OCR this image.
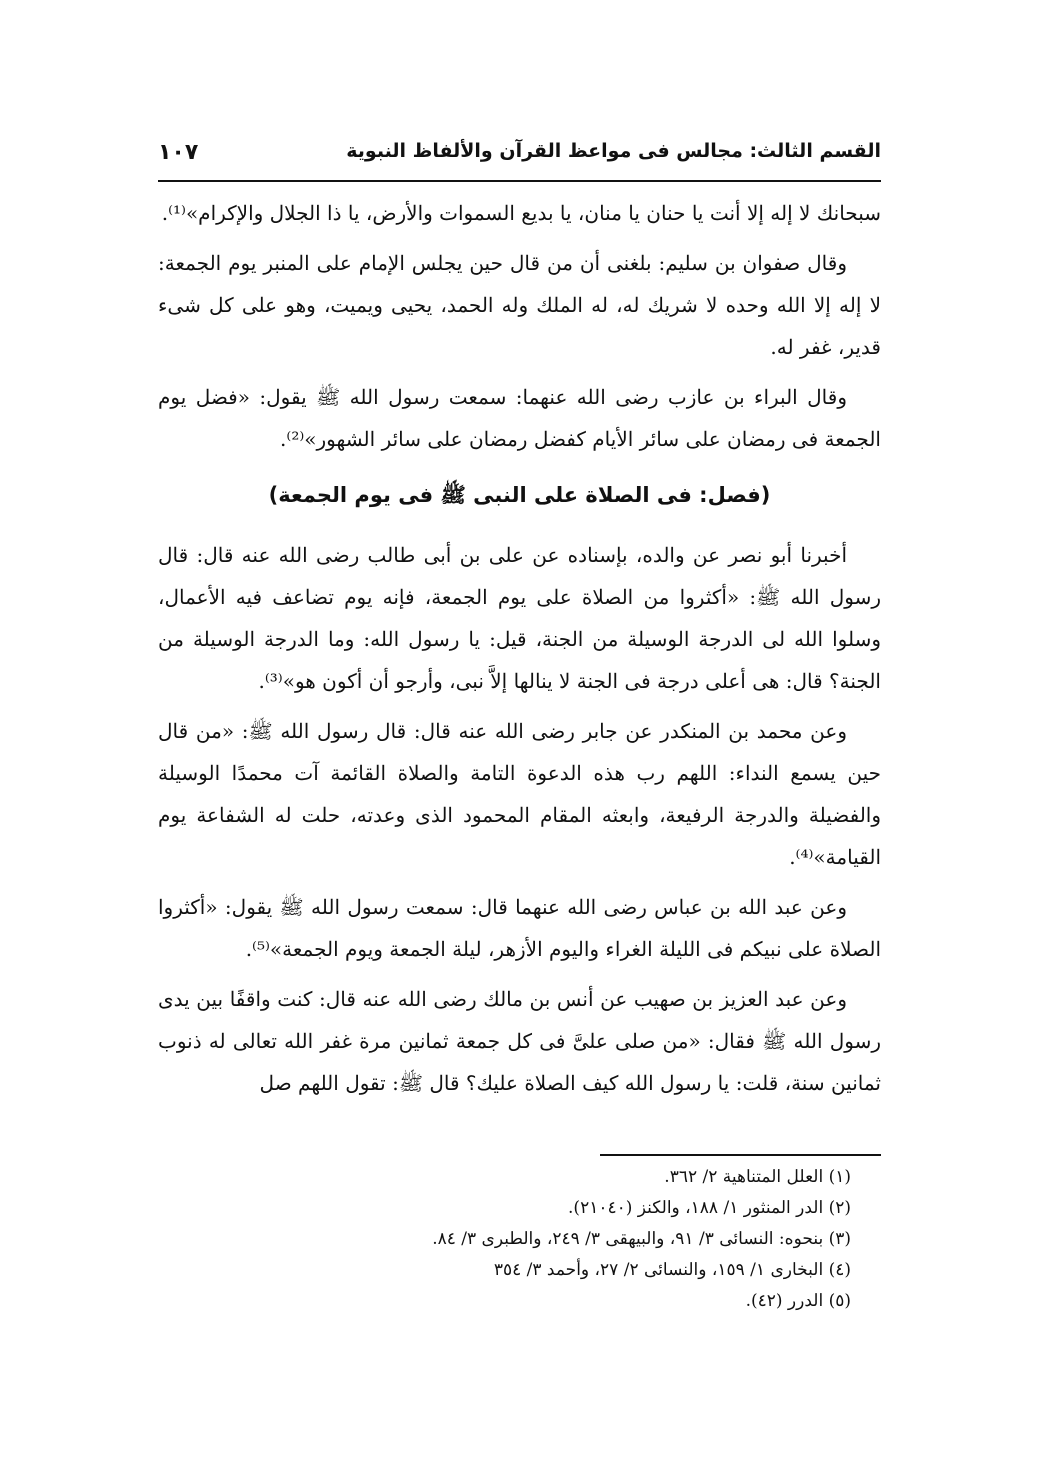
القسم الثالث: مجالس فى مواعظ القرآن والألفاظ النبوية
١٠٧

سبحانك لا إله إلا أنت يا حنان يا منان، يا بديع السموات والأرض، يا ذا الجلال والإكرام»⁽¹⁾.

وقال صفوان بن سليم: بلغنى أن من قال حين يجلس الإمام على المنبر يوم الجمعة: لا إله إلا الله وحده لا شريك له، له الملك وله الحمد، يحيى ويميت، وهو على كل شىء قدير، غفر له.

وقال البراء بن عازب رضى الله عنهما: سمعت رسول الله ﷺ يقول: «فضل يوم الجمعة فى رمضان على سائر الأيام كفضل رمضان على سائر الشهور»⁽²⁾.

(فصل: فى الصلاة على النبى ﷺ فى يوم الجمعة)

أخبرنا أبو نصر عن والده، بإسناده عن على بن أبى طالب رضى الله عنه قال: قال رسول الله ﷺ: «أكثروا من الصلاة على يوم الجمعة، فإنه يوم تضاعف فيه الأعمال، وسلوا الله لى الدرجة الوسيلة من الجنة، قيل: يا رسول الله: وما الدرجة الوسيلة من الجنة؟ قال: هى أعلى درجة فى الجنة لا ينالها إلاَّ نبى، وأرجو أن أكون هو»⁽³⁾.

وعن محمد بن المنكدر عن جابر رضى الله عنه قال: قال رسول الله ﷺ: «من قال حين يسمع النداء: اللهم رب هذه الدعوة التامة والصلاة القائمة آت محمدًا الوسيلة والفضيلة والدرجة الرفيعة، وابعثه المقام المحمود الذى وعدته، حلت له الشفاعة يوم القيامة»⁽⁴⁾.

وعن عبد الله بن عباس رضى الله عنهما قال: سمعت رسول الله ﷺ يقول: «أكثروا الصلاة على نبيكم فى الليلة الغراء واليوم الأزهر، ليلة الجمعة ويوم الجمعة»⁽⁵⁾.

وعن عبد العزيز بن صهيب عن أنس بن مالك رضى الله عنه قال: كنت واقفًا بين يدى رسول الله ﷺ فقال: «من صلى علىَّ فى كل جمعة ثمانين مرة غفر الله تعالى له ذنوب ثمانين سنة، قلت: يا رسول الله كيف الصلاة عليك؟ قال ﷺ: تقول اللهم صل

(١) العلل المتناهية ٢/ ٣٦٢.
(٢) الدر المنثور ١/ ١٨٨، والكنز (٢١٠٤٠).
(٣) بنحوه: النسائى ٣/ ٩١، والبيهقى ٣/ ٢٤٩، والطبرى ٣/ ٨٤.
(٤) البخارى ١/ ١٥٩، والنسائى ٢/ ٢٧، وأحمد ٣/ ٣٥٤
(٥) الدرر (٤٢).
